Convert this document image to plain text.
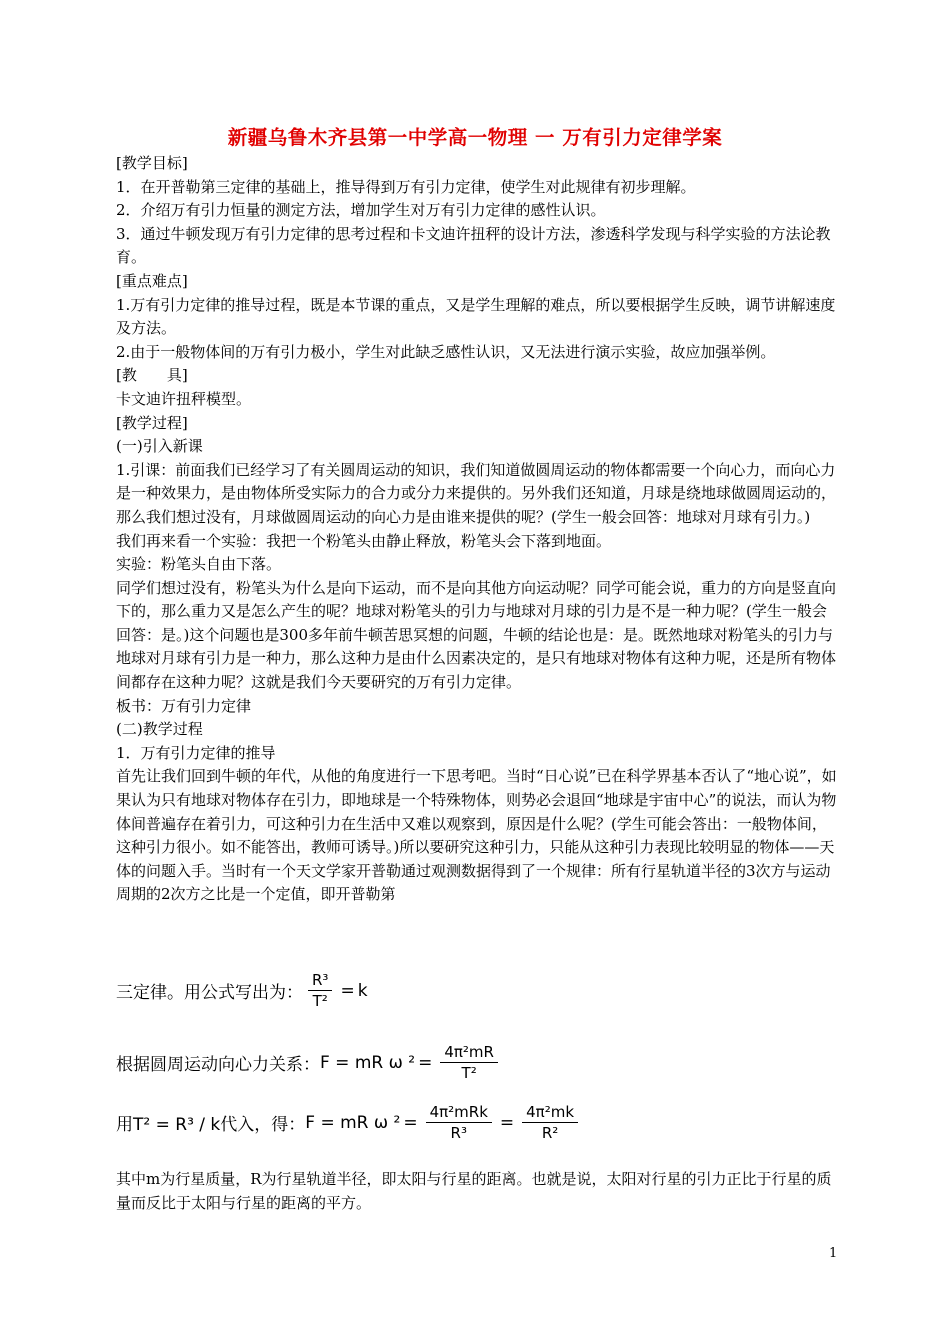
新疆乌鲁木齐县第一中学高一物理 一 万有引力定律学案

[教学目标]

1．在开普勒第三定律的基础上，推导得到万有引力定律，使学生对此规律有初步理解。

2．介绍万有引力恒量的测定方法，增加学生对万有引力定律的感性认识。

3．通过牛顿发现万有引力定律的思考过程和卡文迪许扭秤的设计方法，渗透科学发现与科学实验的方法论教育。

[重点难点]

1.万有引力定律的推导过程，既是本节课的重点，又是学生理解的难点，所以要根据学生反映，调节讲解速度及方法。

2.由于一般物体间的万有引力极小，学生对此缺乏感性认识，又无法进行演示实验，故应加强举例。

[教　　具]

卡文迪许扭秤模型。

[教学过程]

(一)引入新课

1.引课：前面我们已经学习了有关圆周运动的知识，我们知道做圆周运动的物体都需要一个向心力，而向心力是一种效果力，是由物体所受实际力的合力或分力来提供的。另外我们还知道，月球是绕地球做圆周运动的，那么我们想过没有，月球做圆周运动的向心力是由谁来提供的呢？(学生一般会回答：地球对月球有引力。)

我们再来看一个实验：我把一个粉笔头由静止释放，粉笔头会下落到地面。

实验：粉笔头自由下落。

同学们想过没有，粉笔头为什么是向下运动，而不是向其他方向运动呢？同学可能会说，重力的方向是竖直向下的，那么重力又是怎么产生的呢？地球对粉笔头的引力与地球对月球的引力是不是一种力呢？(学生一般会回答：是。)这个问题也是300多年前牛顿苦思冥想的问题，牛顿的结论也是：是。既然地球对粉笔头的引力与地球对月球有引力是一种力，那么这种力是由什么因素决定的，是只有地球对物体有这种力呢，还是所有物体间都存在这种力呢？这就是我们今天要研究的万有引力定律。

板书：万有引力定律

(二)教学过程

1．万有引力定律的推导

首先让我们回到牛顿的年代，从他的角度进行一下思考吧。当时“日心说”已在科学界基本否认了“地心说”，如果认为只有地球对物体存在引力，即地球是一个特殊物体，则势必会退回“地球是宇宙中心”的说法，而认为物体间普遍存在着引力，可这种引力在生活中又难以观察到，原因是什么呢？(学生可能会答出：一般物体间，这种引力很小。如不能答出，教师可诱导。)所以要研究这种引力，只能从这种引力表现比较明显的物体——天体的问题入手。当时有一个天文学家开普勒通过观测数据得到了一个规律：所有行星轨道半径的3次方与运动周期的2次方之比是一个定值，即开普勒第

三定律。用公式写出为： $\frac{\text{R³}}{\text{T²}} = k$
根据圆周运动向心力关系： F = mR ω $^2 = \frac{\text{4π²mR}}{\text{T²}}$
用T² = R³ / k代入，得： F = mR ω $^2 = \frac{\text{4π²mRk}}{\text{R³}} = \frac{\text{4π²mk}}{\text{R²}}$
其中m为行星质量，R为行星轨道半径，即太阳与行星的距离。也就是说，太阳对行星的引力正比于行星的质量而反比于太阳与行星的距离的平方。
1
